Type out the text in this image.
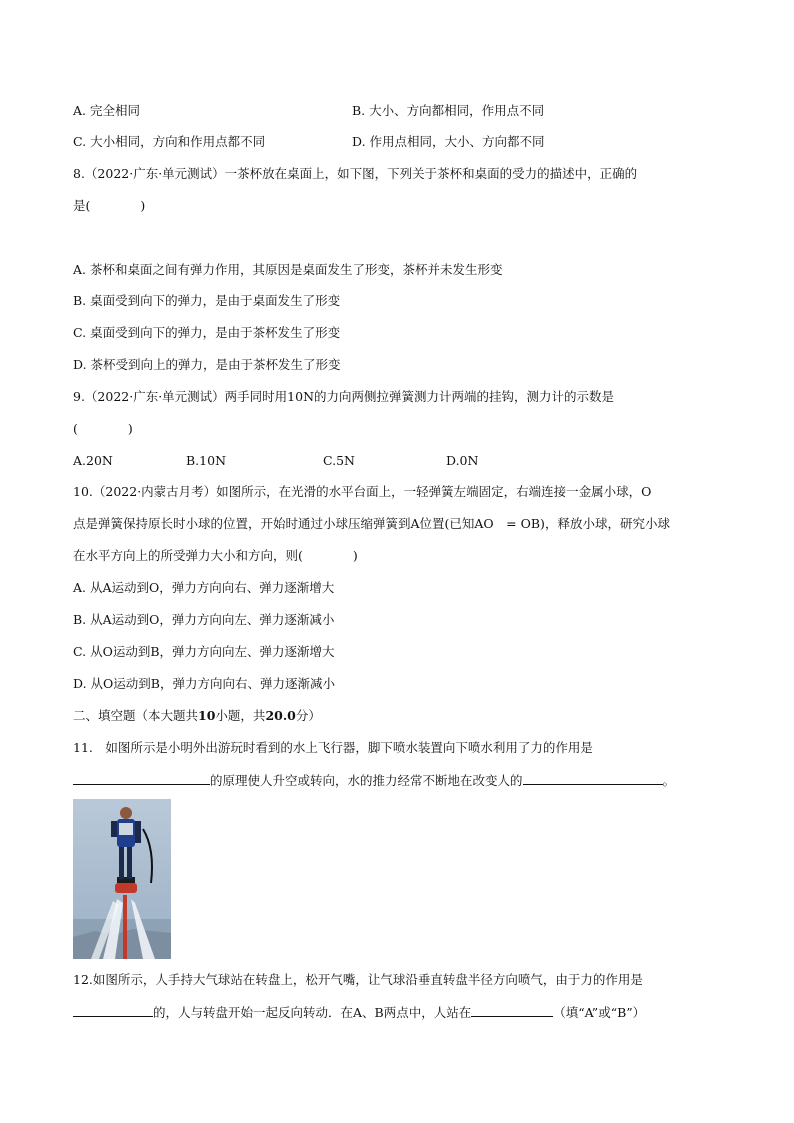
A. 完全相同	B. 大小、方向都相同，作用点不同
C. 大小相同，方向和作用点都不同	D. 作用点相同，大小、方向都不同
8.（2022·广东·单元测试）一茶杯放在桌面上，如下图，下列关于茶杯和桌面的受力的描述中，正确的
是(　　　　)
A. 茶杯和桌面之间有弹力作用，其原因是桌面发生了形变，茶杯并未发生形变
B. 桌面受到向下的弹力，是由于桌面发生了形变
C. 桌面受到向下的弹力，是由于茶杯发生了形变
D. 茶杯受到向上的弹力，是由于茶杯发生了形变
9.（2022·广东·单元测试）两手同时用10N的力向两侧拉弹簧测力计两端的挂钩，测力计的示数是
(　　　　)
A.20N	B.10N	C.5N	D.0N
10.（2022·内蒙古月考）如图所示，在光滑的水平台面上，一轻弹簧左端固定，右端连接一金属小球，O
点是弹簧保持原长时小球的位置，开始时通过小球压缩弹簧到A位置(已知AO　= OB)，释放小球，研究小球
在水平方向上的所受弹力大小和方向，则(　　　　)
A. 从A运动到O，弹力方向向右、弹力逐渐增大
B. 从A运动到O，弹力方向向左、弹力逐渐减小
C. 从O运动到B，弹力方向向左、弹力逐渐增大
D. 从O运动到B，弹力方向向右、弹力逐渐减小
二、填空题（本大题共10小题，共20.0分）
11.　如图所示是小明外出游玩时看到的水上飞行器，脚下喷水装置向下喷水利用了力的作用是
的原理使人升空或转向，水的推力经常不断地在改变人的	。
12.如图所示，人手持大气球站在转盘上，松开气嘴，让气球沿垂直转盘半径方向喷气，由于力的作用是
的，人与转盘开始一起反向转动．在A、B两点中，人站在	（填“A”或“B”）
